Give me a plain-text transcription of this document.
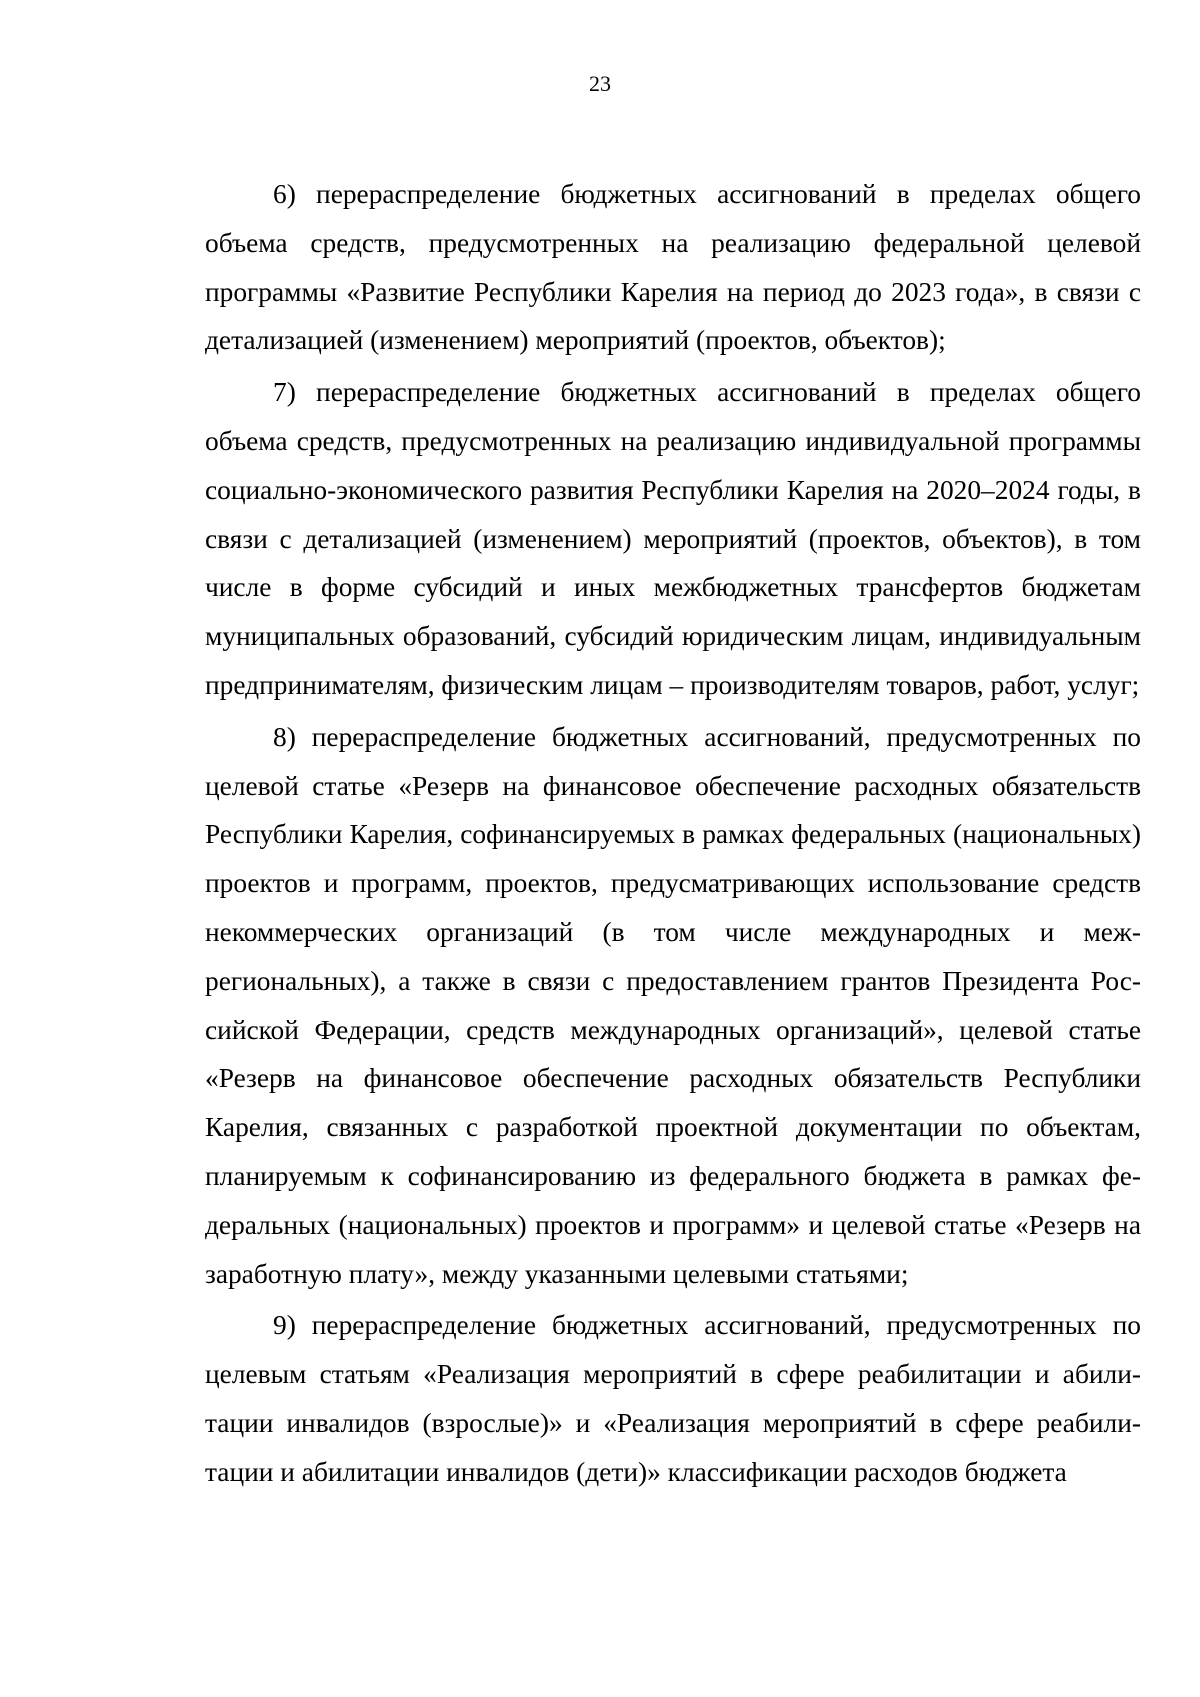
23

6) перераспределение бюджетных ассигнований в пределах общего объема средств, предусмотренных на реализацию федеральной целевой программы «Развитие Республики Карелия на период до 2023 года», в связи с детализацией (изменением) мероприятий (проектов, объектов);

7) перераспределение бюджетных ассигнований в пределах общего объема средств, предусмотренных на реализацию индивидуальной программы социально-экономического развития Республики Карелия на 2020–2024 годы, в связи с детализацией (изменением) мероприятий (проектов, объектов), в том числе в форме субсидий и иных межбюджетных трансфертов бюджетам муниципальных образований, субсидий юридическим лицам, индивидуальным предпринимателям, физическим лицам – производителям товаров, работ, услуг;

8) перераспределение бюджетных ассигнований, предусмотренных по целевой статье «Резерв на финансовое обеспечение расходных обязательств Республики Карелия, софинансируемых в рамках федеральных (национальных) проектов и программ, проектов, предусматривающих использование средств некоммерческих организаций (в том числе международных и межрегиональных), а также в связи с предоставлением грантов Президента Российской Федерации, средств международных организаций», целевой статье «Резерв на финансовое обеспечение расходных обязательств Республики Карелия, связанных с разработкой проектной документации по объектам, планируемым к софинансированию из федерального бюджета в рамках федеральных (национальных) проектов и программ» и целевой статье «Резерв на заработную плату», между указанными целевыми статьями;

9) перераспределение бюджетных ассигнований, предусмотренных по целевым статьям «Реализация мероприятий в сфере реабилитации и абилитации инвалидов (взрослые)» и «Реализация мероприятий в сфере реабилитации и абилитации инвалидов (дети)» классификации расходов бюджета
